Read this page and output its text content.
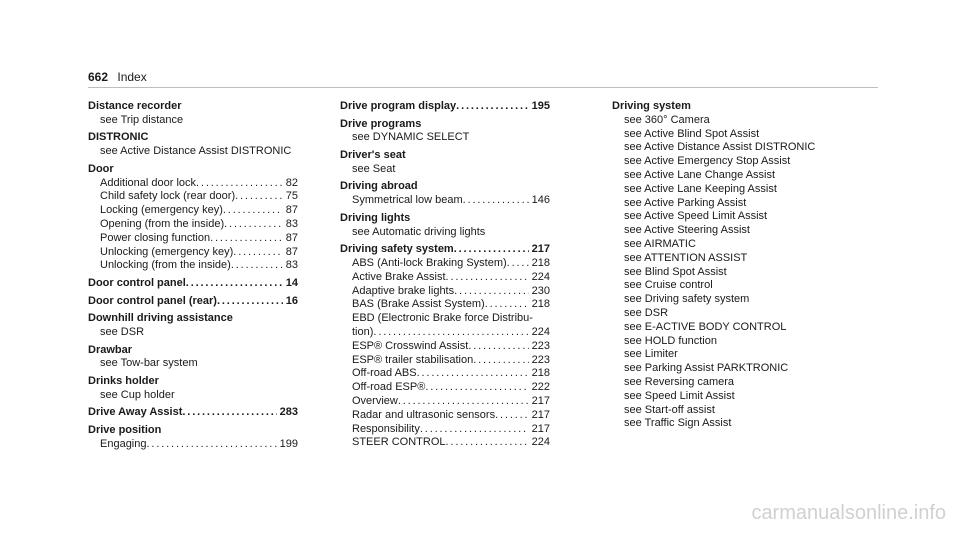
662 Index
Distance recorder
see Trip distance
DISTRONIC
see Active Distance Assist DISTRONIC
Door
Additional door lock . . .	82
Child safety lock (rear door) . . .	75
Locking (emergency key) . . .	87
Opening (from the inside) . . .	83
Power closing function . . .	87
Unlocking (emergency key) . . .	87
Unlocking (from the inside) . . .	83
Door control panel . . .	14
Door control panel (rear) . . .	16
Downhill driving assistance
see DSR
Drawbar
see Tow-bar system
Drinks holder
see Cup holder
Drive Away Assist . . .	283
Drive position
Engaging . . .	199
Drive program display . . .	195
Drive programs
see DYNAMIC SELECT
Driver's seat
see Seat
Driving abroad
Symmetrical low beam . . .	146
Driving lights
see Automatic driving lights
Driving safety system . . .	217
ABS (Anti-lock Braking System) . . . 218
Active Brake Assist . . .	224
Adaptive brake lights . . .	230
BAS (Brake Assist System) . . .	218
EBD (Electronic Brake force Distribu-
tion) . . .	224
ESP® Crosswind Assist . . .	223
ESP® trailer stabilisation . . .	223
Off-road ABS . . .	218
Off-road ESP® . . .	222
Overview . . .	217
Radar and ultrasonic sensors . . .	217
Responsibility . . .	217
STEER CONTROL . . .	224
Driving system
see 360° Camera
see Active Blind Spot Assist
see Active Distance Assist DISTRONIC
see Active Emergency Stop Assist
see Active Lane Change Assist
see Active Lane Keeping Assist
see Active Parking Assist
see Active Speed Limit Assist
see Active Steering Assist
see AIRMATIC
see ATTENTION ASSIST
see Blind Spot Assist
see Cruise control
see Driving safety system
see DSR
see E-ACTIVE BODY CONTROL
see HOLD function
see Limiter
see Parking Assist PARKTRONIC
see Reversing camera
see Speed Limit Assist
see Start-off assist
see Traffic Sign Assist
carmanualsonline.info
